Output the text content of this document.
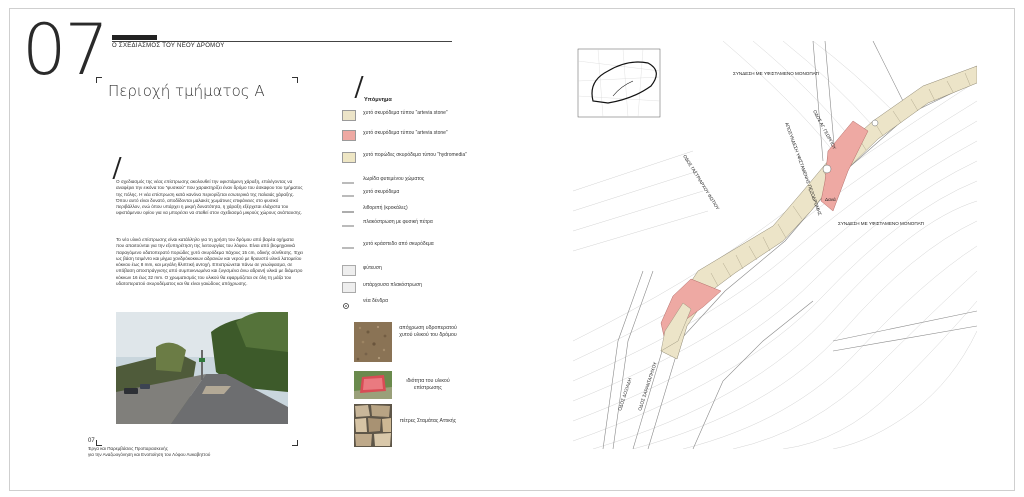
07 Ο ΣΧΕΔΙΑΣΜΟΣ ΤΟΥ ΝΕΟΥ ΔΡΟΜΟΥ
Περιοχή τμήματος Α
Ο σχεδιασμός της νέας επίστρωσης ακολουθεί την υφιστάμενη χάραξη, επιλέγοντας να αναφέρει την εικόνα του “φυσικού” που χαρακτηρίζει έναν δρόμο του άσκαφου του τμήματος της πόλης. Η νέα επίστρωση κατά κανόνα περιορίζεται εσωτερικά της παλαιάς χάραξης. Όπου αυτό είναι δυνατό, αποδίδονται μαλακές χωμάτινες επιφάνειες στο φυσικό περιβάλλον, ενώ όπου υπάρχει η μικρή δυνατότητα, η χάραξη εξέρχεται ελάχιστα του υφιστάμενου ορίου για να μπορέσει να σταθεί στον σχεδιασμό μικρούς χώρους ανάπαυσης.
Το νέο υλικό επίστρωσης είναι κατάλληλο για τη χρήση του δρόμου από βαρέα οχήματα που απαιτούνται για την εξυπηρέτηση της λειτουργίας του λόφου. Είναι από βιομηχανικά παραγόμενο υδατοπερατό πορώδες χυτό σκυρόδεμα πάχους 15 cm, οδικής σύνθεσης. Έχει ως βάση τσιμέντο και μίγμα χονδρόκοκκων αδρανών και νερού με θραυστό υλικό λατομείου κόκκου έως 8 mm, και μεγάλη θλιπτική αντοχή. Επιστρώνεται πάνω σε γεωύφασμα, σε υπόβαση αποστράγγισης από συμπυκνωμένα και ζυγισμένα άνω αδρανή υλικά με διάμετρο κόκκων 16 έως 32 mm. Ο χρωματισμός του υλικού θα εφαρμόζεται σε όλη τη μάζα του υδατοπερατού σκυροδέματος και θα είναι γαιώδους απόχρωσης.
07
Έργα και Παρεμβάσεις Προπαρασκευής
για την Αναζωογόνηση και Ενοποίηση του Λόφου Λυκαβηττού
Υπόμνημα
χυτό σκυρόδεμα τύπου “artevia stone”
χυτό σκυρόδεμα τύπου “artevia stone”
χυτό πορώδες σκυρόδεμα τύπου “hydromedia”
λωρίδα φυτεμένου χώματος
χυτό σκυρόδεμα
λιθοριπή (κροκάλες)
πλακόστρωση με φυσική πέτρα
χυτό κράσπεδο από σκυρόδεμα
φύτευση
υπάρχουσα πλακόστρωση
νέα δένδρα
απόχρωση υδροπερατού χυτού υλικού του δρόμου
ιδιότητα του υλικού επίστρωσης
πέτρες Σταμάτας Αττικής
ΣΥΝΔΕΣΗ ΜΕ ΥΦΙΣΤΑΜΕΝΟ ΜΟΝΟΠΑΤΙ
ΣΥΝΔΕΣΗ ΜΕ ΥΦΙΣΤΑΜΕΝΟ ΜΟΝΟΠΑΤΙ
ΟΔΟΣ ΑΓ. ΓΕΩΡΓΙΟΥ
ΟΔΟΣ ΓΑΣΤΡΙΑΡΧΟΥ ΦΩΤΙΟΥ
ΟΔΟΣ ΔΟΞΙΑΔΗ ΟΔΟΣ ΣΑΡΑΝΤΑΠΗΧΟΥ
ΑΠΟΣΥΝΔΕΣΗ ΥΦΙΣΤΑΜΕΝΗΣ ΠΕΖΟΔΡΟΜΗΣ Δανά
